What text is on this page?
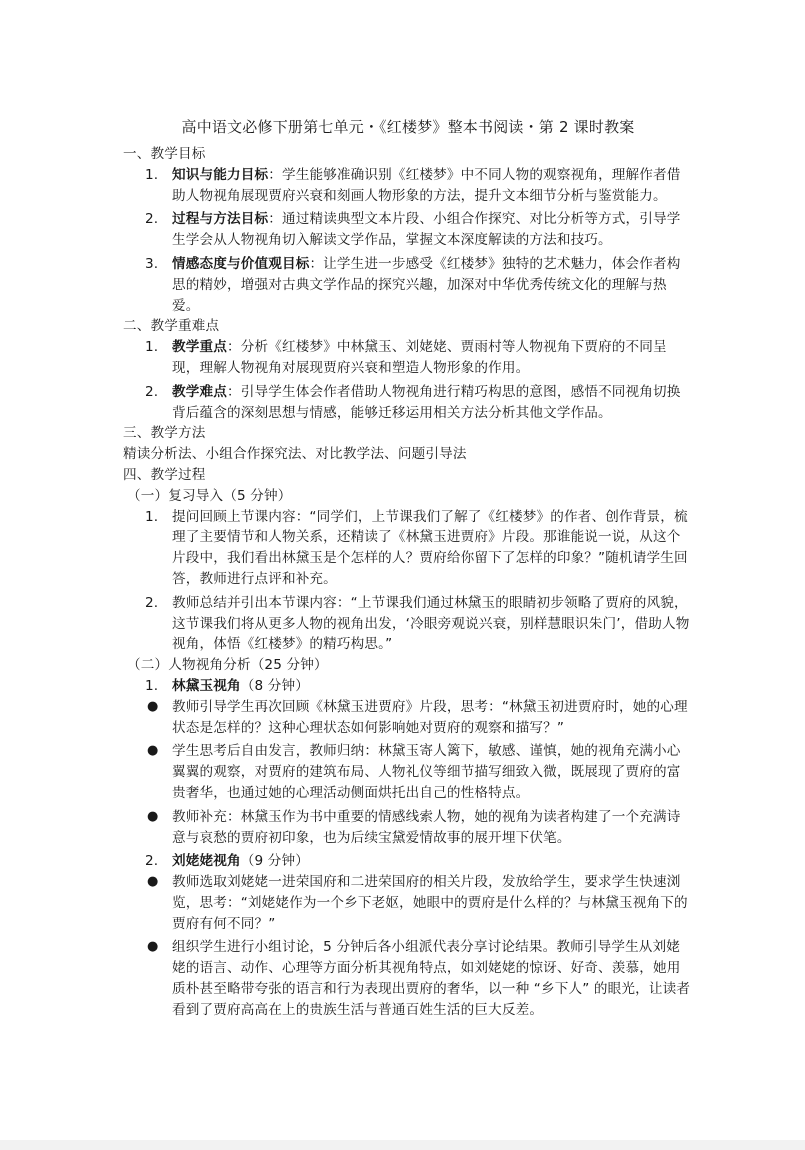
高中语文必修下册第七单元・《红楼梦》整本书阅读・第 2 课时教案
一、教学目标
1.	知识与能力目标：学生能够准确识别《红楼梦》中不同人物的观察视角，理解作者借助人物视角展现贾府兴衰和刻画人物形象的方法，提升文本细节分析与鉴赏能力。
2.	过程与方法目标：通过精读典型文本片段、小组合作探究、对比分析等方式，引导学生学会从人物视角切入解读文学作品，掌握文本深度解读的方法和技巧。
3.	情感态度与价值观目标：让学生进一步感受《红楼梦》独特的艺术魅力，体会作者构思的精妙，增强对古典文学作品的探究兴趣，加深对中华优秀传统文化的理解与热爱。
二、教学重难点
1.	教学重点：分析《红楼梦》中林黛玉、刘姥姥、贾雨村等人物视角下贾府的不同呈现，理解人物视角对展现贾府兴衰和塑造人物形象的作用。
2.	教学难点：引导学生体会作者借助人物视角进行精巧构思的意图，感悟不同视角切换背后蕴含的深刻思想与情感，能够迁移运用相关方法分析其他文学作品。
三、教学方法
精读分析法、小组合作探究法、对比教学法、问题引导法
四、教学过程
（一）复习导入（5 分钟）
1.	提问回顾上节课内容：“同学们，上节课我们了解了《红楼梦》的作者、创作背景，梳理了主要情节和人物关系，还精读了《林黛玉进贾府》片段。那谁能说一说，从这个片段中，我们看出林黛玉是个怎样的人？贾府给你留下了怎样的印象？”随机请学生回答，教师进行点评和补充。
2.	教师总结并引出本节课内容：“上节课我们通过林黛玉的眼睛初步领略了贾府的风貌，这节课我们将从更多人物的视角出发，‘冷眼旁观说兴衰，别样慧眼识朱门’，借助人物视角，体悟《红楼梦》的精巧构思。”
（二）人物视角分析（25 分钟）
1.	林黛玉视角（8 分钟）
● 教师引导学生再次回顾《林黛玉进贾府》片段，思考：“林黛玉初进贾府时，她的心理状态是怎样的？这种心理状态如何影响她对贾府的观察和描写？”
● 学生思考后自由发言，教师归纳：林黛玉寄人篱下，敏感、谨慎，她的视角充满小心翼翼的观察，对贾府的建筑布局、人物礼仪等细节描写细致入微，既展现了贾府的富贵奢华，也通过她的心理活动侧面烘托出自己的性格特点。
● 教师补充：林黛玉作为书中重要的情感线索人物，她的视角为读者构建了一个充满诗意与哀愁的贾府初印象，也为后续宝黛爱情故事的展开埋下伏笔。
2.	刘姥姥视角（9 分钟）
● 教师选取刘姥姥一进荣国府和二进荣国府的相关片段，发放给学生，要求学生快速浏览，思考：“刘姥姥作为一个乡下老妪，她眼中的贾府是什么样的？与林黛玉视角下的贾府有何不同？”
● 组织学生进行小组讨论，5 分钟后各小组派代表分享讨论结果。教师引导学生从刘姥姥的语言、动作、心理等方面分析其视角特点，如刘姥姥的惊讶、好奇、羡慕，她用质朴甚至略带夸张的语言和行为表现出贾府的奢华，以一种 “乡下人” 的眼光，让读者看到了贾府高高在上的贵族生活与普通百姓生活的巨大反差。
